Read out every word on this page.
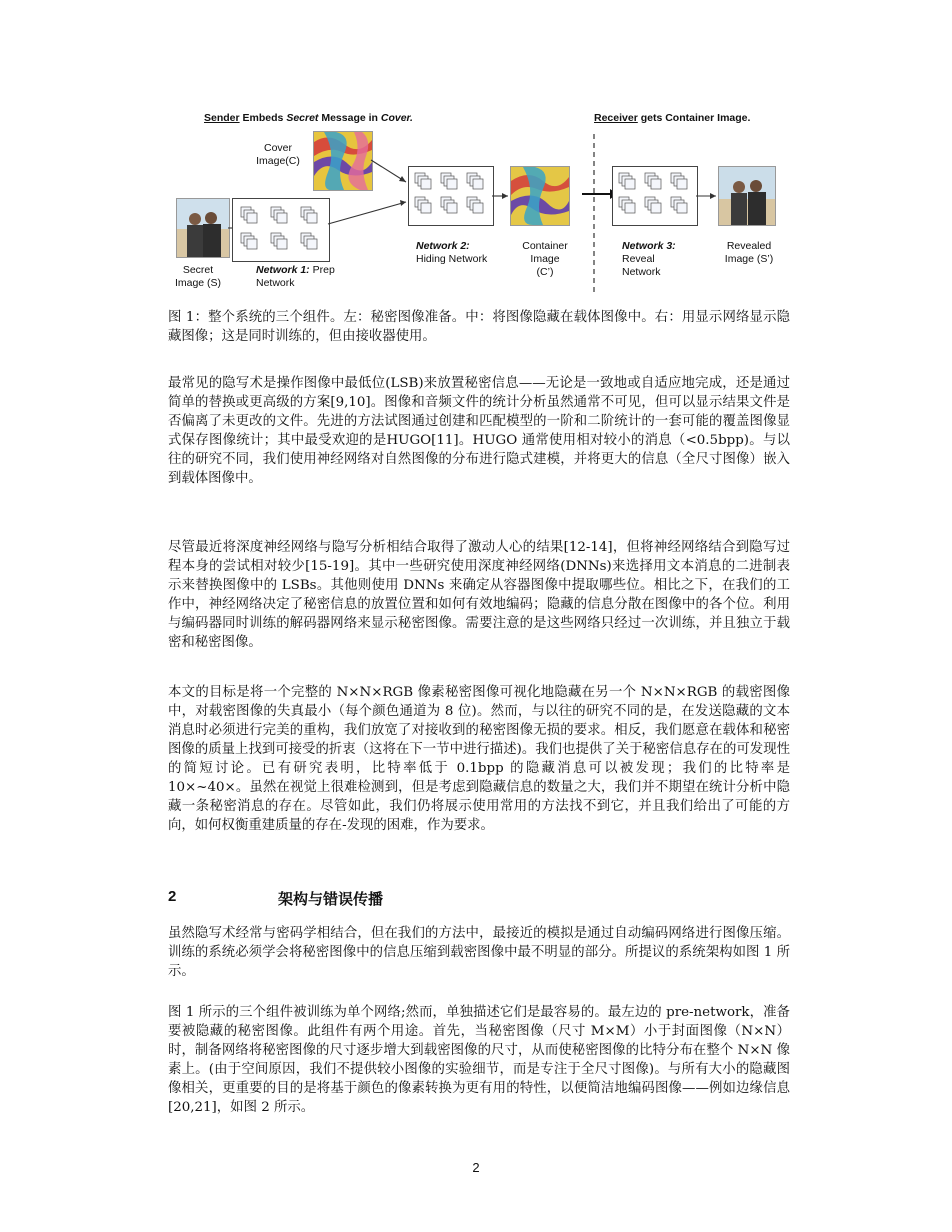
Sender Embeds Secret Message in Cover.	Receiver gets Container Image.
Cover
Image(C)
Secret
Image (S)
Network 1: Prep
Network
Network 2:
Hiding Network
Container
Image
(C’)
Network 3:
Reveal
Network
Revealed
Image (S’)
图 1：整个系统的三个组件。左：秘密图像准备。中：将图像隐藏在载体图像中。右：用显示网络显示隐藏图像；这是同时训练的，但由接收器使用。
最常见的隐写术是操作图像中最低位(LSB)来放置秘密信息——无论是一致地或自适应地完成，还是通过简单的替换或更高级的方案[9,10]。图像和音频文件的统计分析虽然通常不可见，但可以显示结果文件是否偏离了未更改的文件。先进的方法试图通过创建和匹配模型的一阶和二阶统计的一套可能的覆盖图像显式保存图像统计；其中最受欢迎的是HUGO[11]。HUGO 通常使用相对较小的消息（<0.5bpp)。与以往的研究不同，我们使用神经网络对自然图像的分布进行隐式建模，并将更大的信息（全尺寸图像）嵌入到载体图像中。
尽管最近将深度神经网络与隐写分析相结合取得了激动人心的结果[12-14]，但将神经网络结合到隐写过程本身的尝试相对较少[15-19]。其中一些研究使用深度神经网络(DNNs)来选择用文本消息的二进制表示来替换图像中的 LSBs。其他则使用 DNNs 来确定从容器图像中提取哪些位。相比之下，在我们的工作中，神经网络决定了秘密信息的放置位置和如何有效地编码；隐藏的信息分散在图像中的各个位。利用与编码器同时训练的解码器网络来显示秘密图像。需要注意的是这些网络只经过一次训练，并且独立于载密和秘密图像。
本文的目标是将一个完整的 N×N×RGB 像素秘密图像可视化地隐藏在另一个 N×N×RGB 的载密图像中，对载密图像的失真最小（每个颜色通道为 8 位)。然而，与以往的研究不同的是，在发送隐藏的文本消息时必须进行完美的重构，我们放宽了对接收到的秘密图像无损的要求。相反，我们愿意在载体和秘密图像的质量上找到可接受的折衷（这将在下一节中进行描述)。我们也提供了关于秘密信息存在的可发现性的简短讨论。已有研究表明，比特率低于 0.1bpp 的隐藏消息可以被发现；我们的比特率是 10×~40×。虽然在视觉上很难检测到，但是考虑到隐藏信息的数量之大，我们并不期望在统计分析中隐藏一条秘密消息的存在。尽管如此，我们仍将展示使用常用的方法找不到它，并且我们给出了可能的方向，如何权衡重建质量的存在-发现的困难，作为要求。
2	架构与错误传播
虽然隐写术经常与密码学相结合，但在我们的方法中，最接近的模拟是通过自动编码网络进行图像压缩。训练的系统必须学会将秘密图像中的信息压缩到载密图像中最不明显的部分。所提议的系统架构如图 1 所示。
图 1 所示的三个组件被训练为单个网络;然而，单独描述它们是最容易的。最左边的 pre-network，准备要被隐藏的秘密图像。此组件有两个用途。首先，当秘密图像（尺寸 M×M）小于封面图像（N×N）时，制备网络将秘密图像的尺寸逐步增大到载密图像的尺寸，从而使秘密图像的比特分布在整个 N×N 像素上。(由于空间原因，我们不提供较小图像的实验细节，而是专注于全尺寸图像)。与所有大小的隐藏图像相关，更重要的目的是将基于颜色的像素转换为更有用的特性，以便简洁地编码图像——例如边缘信息[20,21]，如图 2 所示。
2
